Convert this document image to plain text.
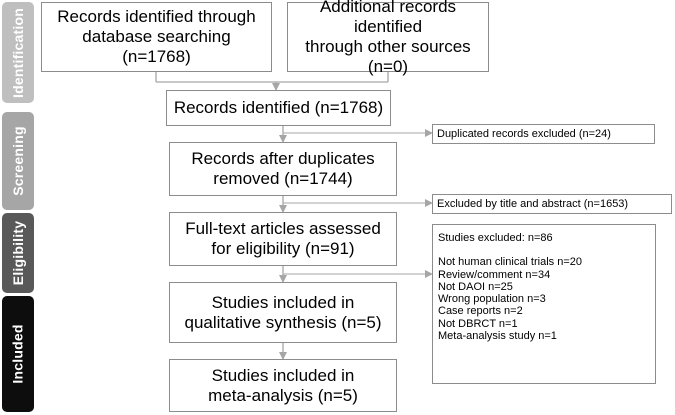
Identification
Screening
Eligibility
Included
Records identified through
database searching
(n=1768)
Additional records identified
through other sources
(n=0)
Records identified (n=1768)
Records after duplicates
removed (n=1744)
Full-text articles assessed
for eligibility (n=91)
Studies included in
qualitative synthesis (n=5)
Studies included in
meta-analysis (n=5)
Duplicated records excluded (n=24)
Excluded by title and abstract (n=1653)
Studies excluded: n=86
Not human clinical trials n=20
Review/comment n=34
Not DAOI n=25
Wrong population n=3
Case reports n=2
Not DBRCT n=1
Meta-analysis study n=1
